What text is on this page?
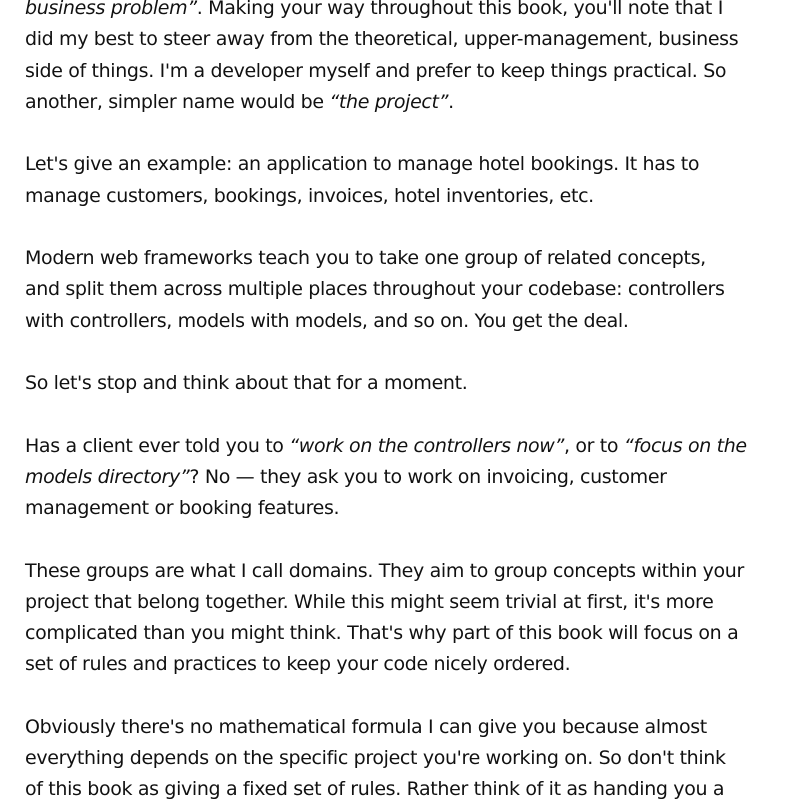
business problem”. Making your way throughout this book, you'll note that I
did my best to steer away from the theoretical, upper-management, business
side of things. I'm a developer myself and prefer to keep things practical. So
another, simpler name would be “the project”.

Let's give an example: an application to manage hotel bookings. It has to
manage customers, bookings, invoices, hotel inventories, etc.

Modern web frameworks teach you to take one group of related concepts,
and split them across multiple places throughout your codebase: controllers
with controllers, models with models, and so on. You get the deal.

So let's stop and think about that for a moment.

Has a client ever told you to “work on the controllers now”, or to “focus on the
models directory”? No — they ask you to work on invoicing, customer
management or booking features.

These groups are what I call domains. They aim to group concepts within your
project that belong together. While this might seem trivial at first, it's more
complicated than you might think. That's why part of this book will focus on a
set of rules and practices to keep your code nicely ordered.

Obviously there's no mathematical formula I can give you because almost
everything depends on the specific project you're working on. So don't think
of this book as giving a fixed set of rules. Rather think of it as handing you a
